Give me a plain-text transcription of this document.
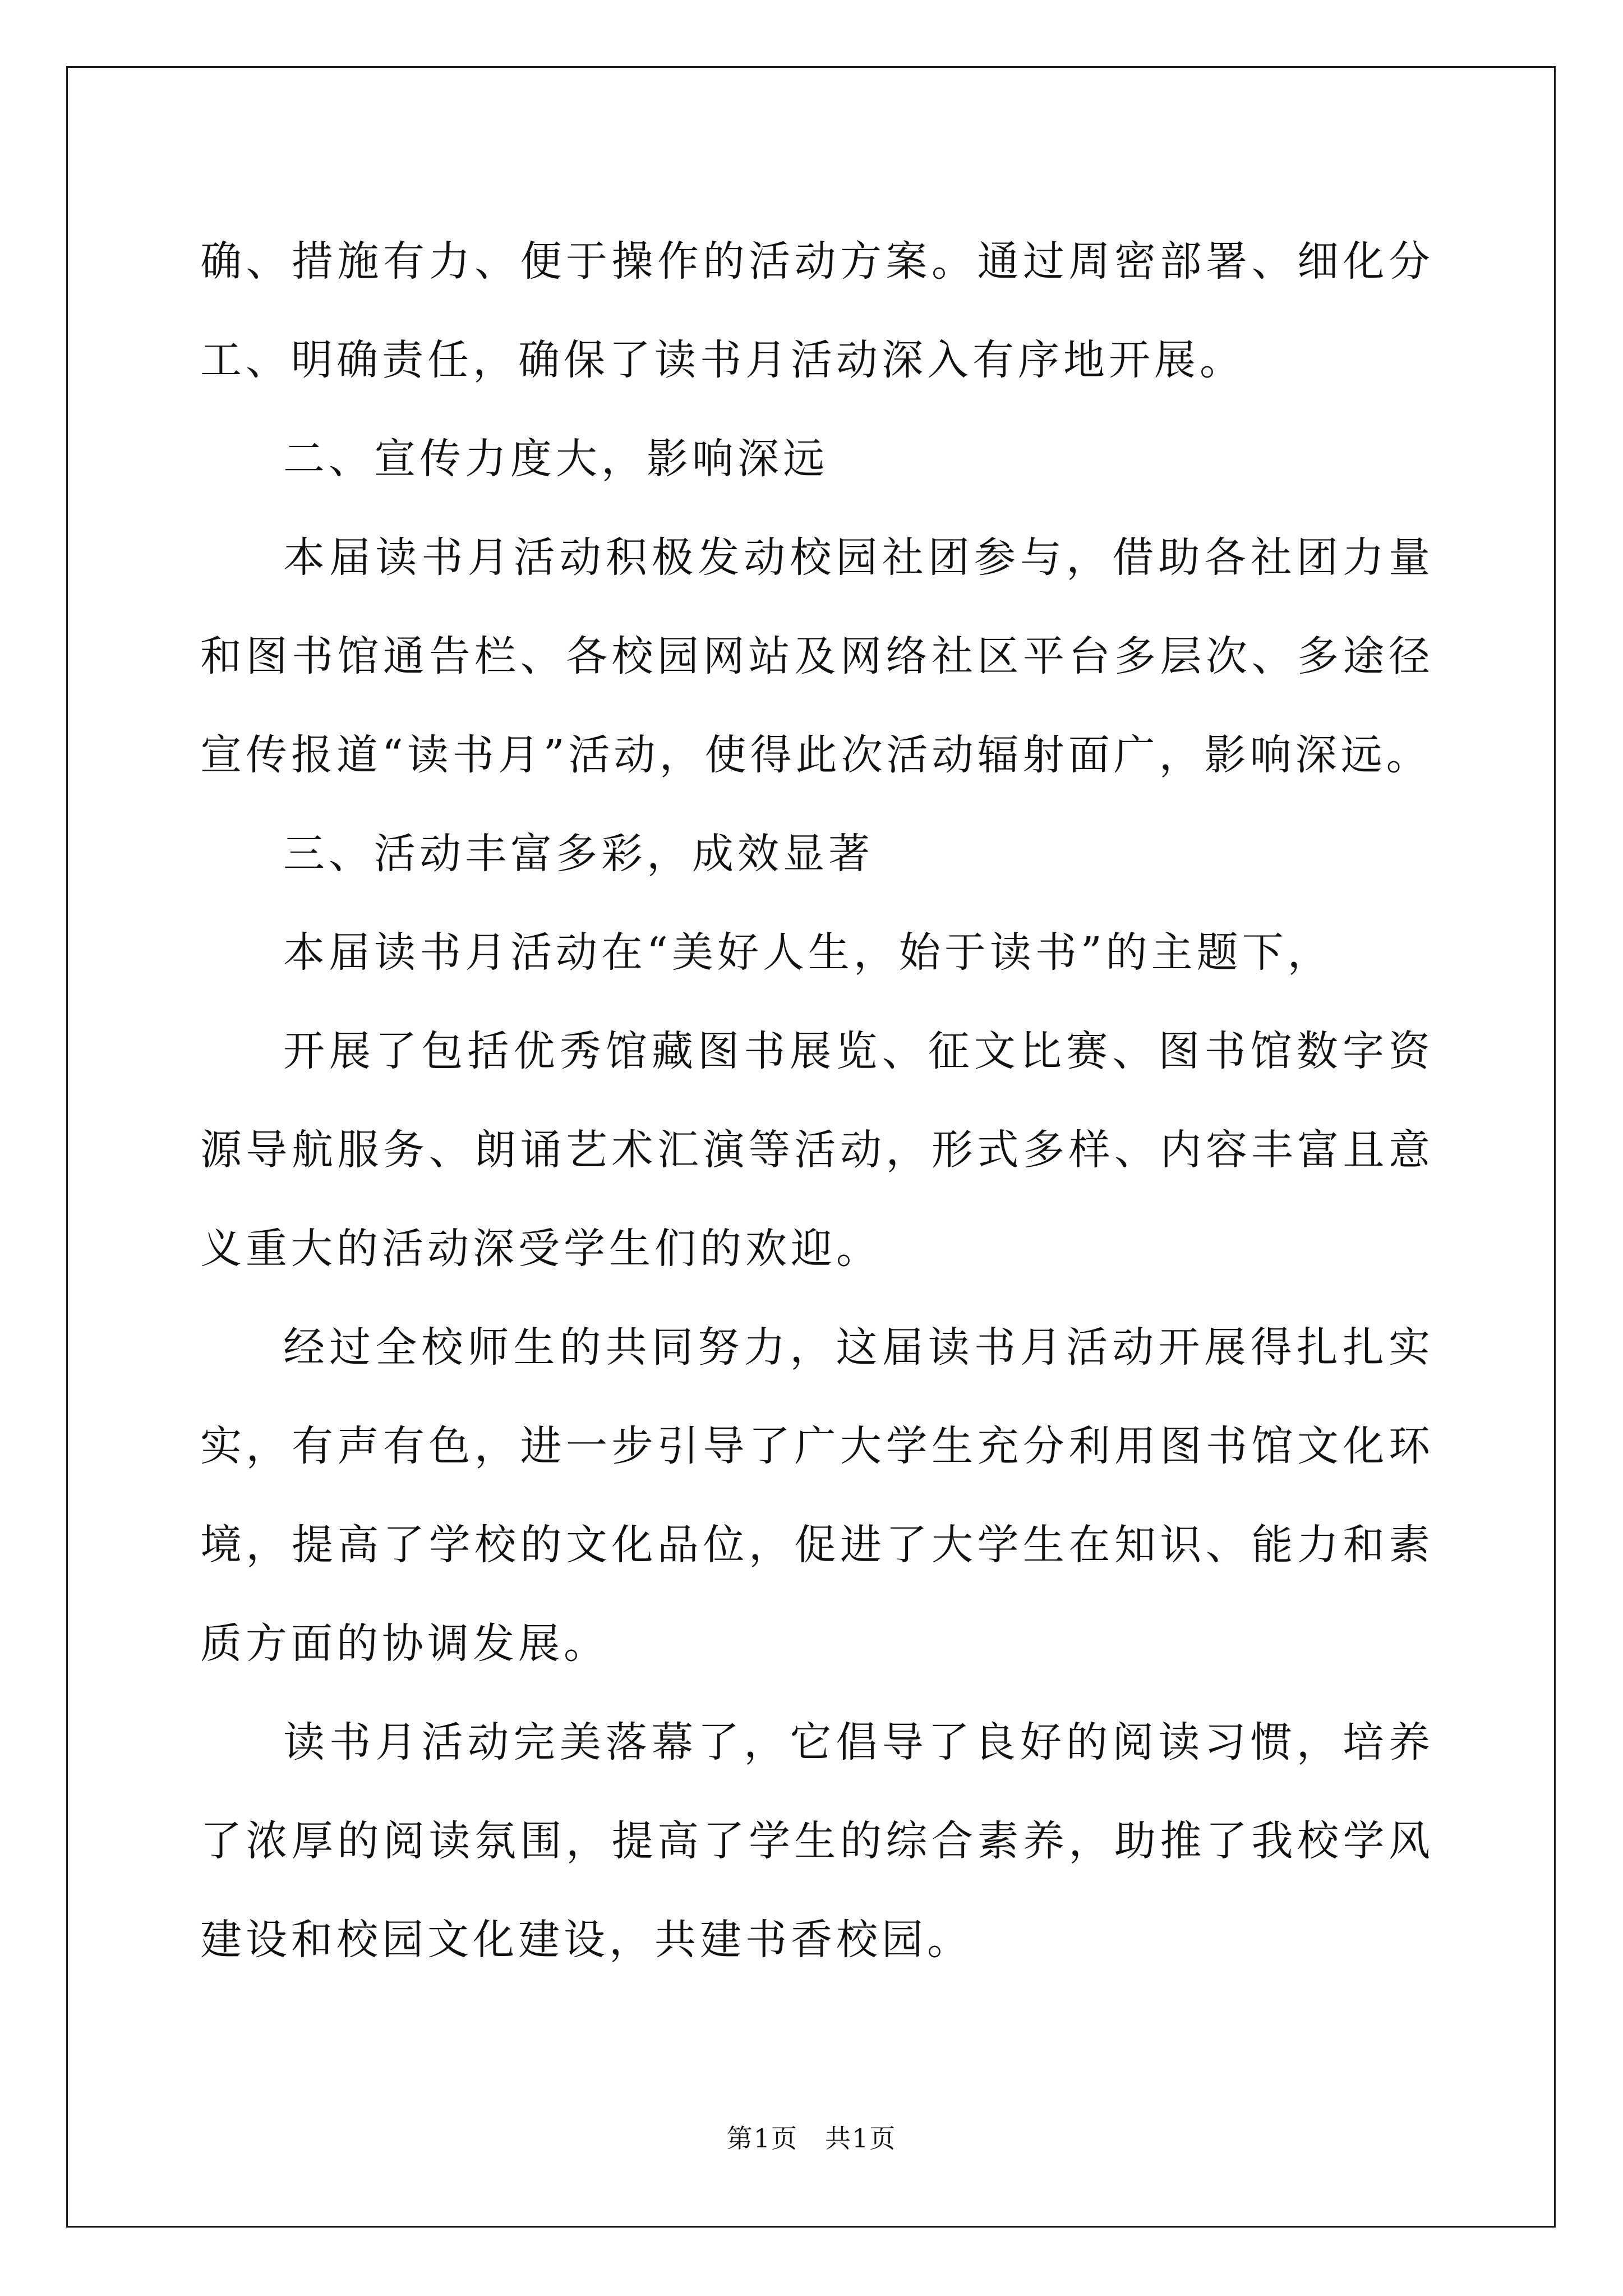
确、措施有力、便于操作的活动方案。通过周密部署、细化分工、明确责任，确保了读书月活动深入有序地开展。

二、宣传力度大，影响深远

本届读书月活动积极发动校园社团参与，借助各社团力量和图书馆通告栏、各校园网站及网络社区平台多层次、多途径宣传报道“读书月”活动，使得此次活动辐射面广，影响深远。

三、活动丰富多彩，成效显著

本届读书月活动在“美好人生，始于读书”的主题下，

开展了包括优秀馆藏图书展览、征文比赛、图书馆数字资源导航服务、朗诵艺术汇演等活动，形式多样、内容丰富且意义重大的活动深受学生们的欢迎。

经过全校师生的共同努力，这届读书月活动开展得扎扎实实，有声有色，进一步引导了广大学生充分利用图书馆文化环境，提高了学校的文化品位，促进了大学生在知识、能力和素质方面的协调发展。

读书月活动完美落幕了，它倡导了良好的阅读习惯，培养了浓厚的阅读氛围，提高了学生的综合素养，助推了我校学风建设和校园文化建设，共建书香校园。

第1页　共1页
